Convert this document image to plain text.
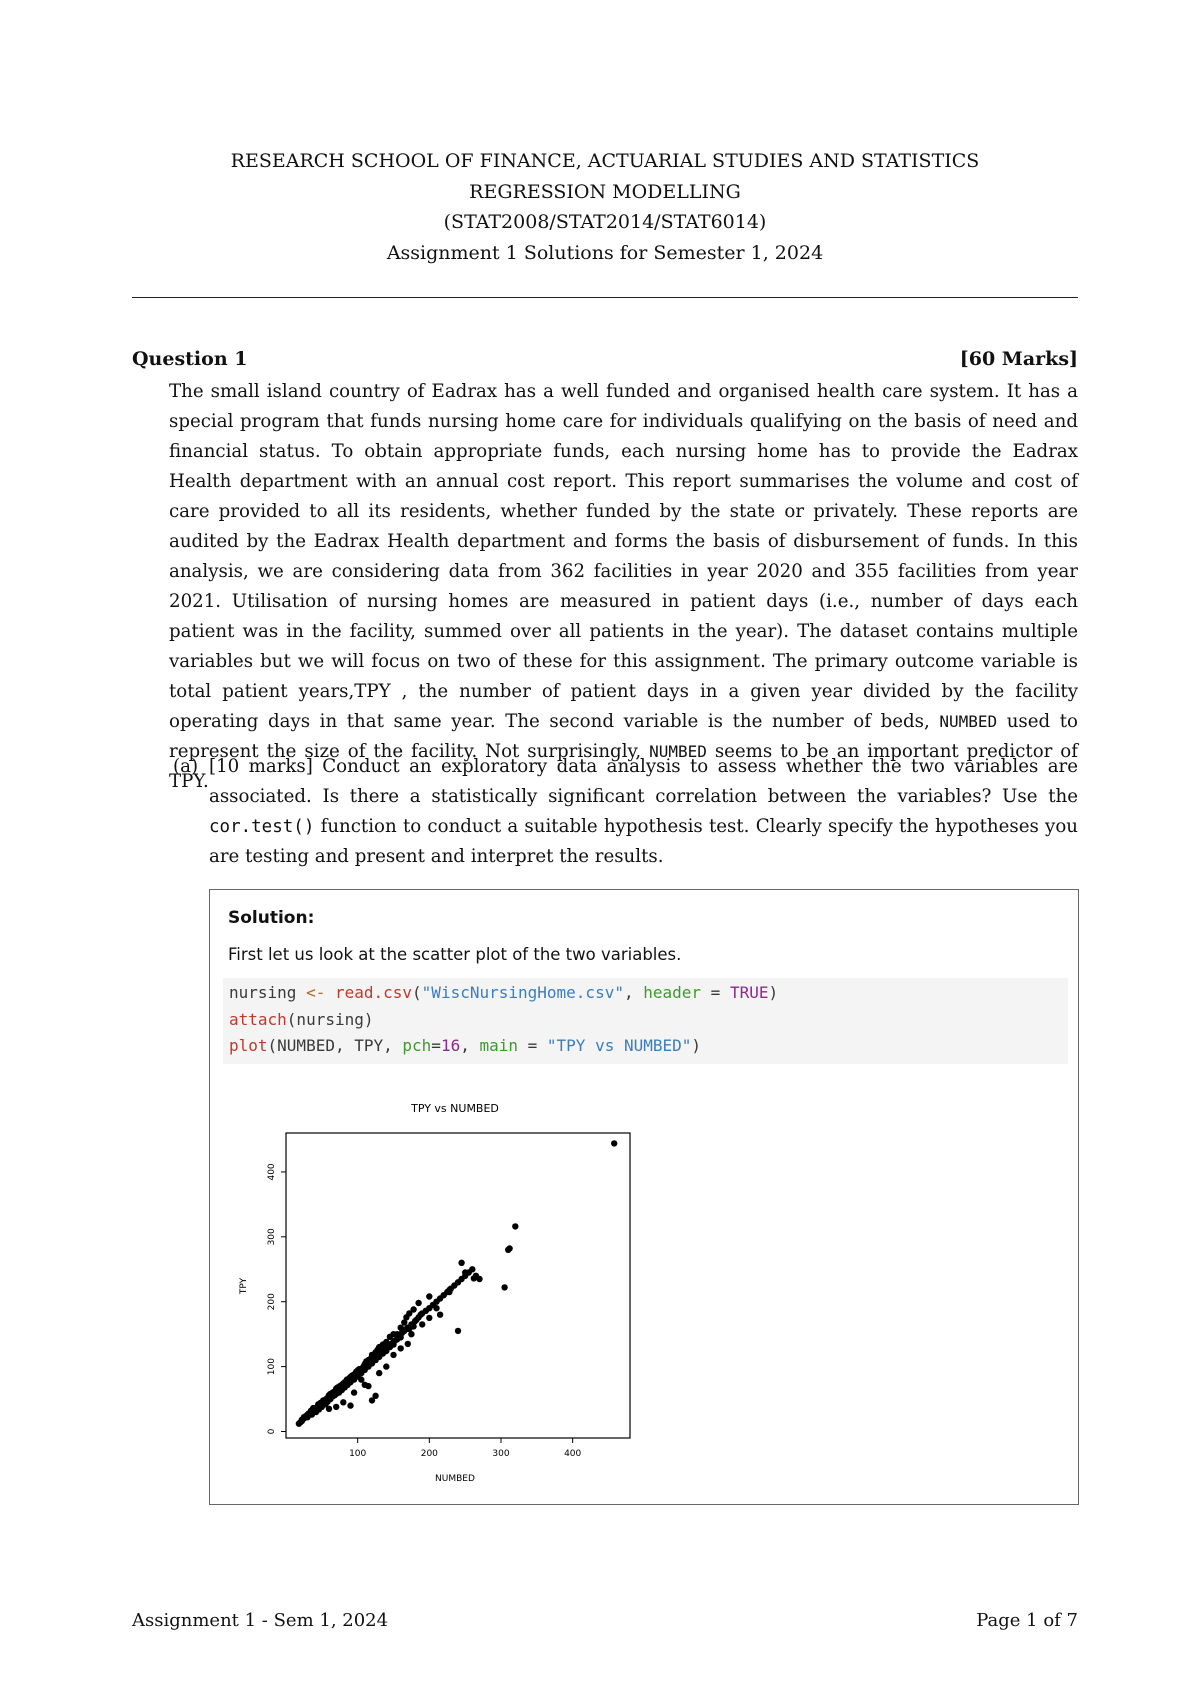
RESEARCH SCHOOL OF FINANCE, ACTUARIAL STUDIES AND STATISTICS
REGRESSION MODELLING
(STAT2008/STAT2014/STAT6014)
Assignment 1 Solutions for Semester 1, 2024
Question 1	[60 Marks]

The small island country of Eadrax has a well funded and organised health care system. It has a special program that funds nursing home care for individuals qualifying on the basis of need and financial status. To obtain appropriate funds, each nursing home has to provide the Eadrax Health department with an annual cost report. This report summarises the volume and cost of care provided to all its residents, whether funded by the state or privately. These reports are audited by the Eadrax Health department and forms the basis of disbursement of funds. In this analysis, we are considering data from 362 facilities in year 2020 and 355 facilities from year 2021. Utilisation of nursing homes are measured in patient days (i.e., number of days each patient was in the facility, summed over all patients in the year). The dataset contains multiple variables but we will focus on two of these for this assignment. The primary outcome variable is total patient years,TPY , the number of patient days in a given year divided by the facility operating days in that same year. The second variable is the number of beds, NUMBED used to represent the size of the facility. Not surprisingly, NUMBED seems to be an important predictor of TPY.

(a) [10 marks] Conduct an exploratory data analysis to assess whether the two variables are associated. Is there a statistically significant correlation between the variables? Use the cor.test() function to conduct a suitable hypothesis test. Clearly specify the hypotheses you are testing and present and interpret the results.
Solution:
First let us look at the scatter plot of the two variables.
nursing <- read.csv("WiscNursingHome.csv", header = TRUE)
attach(nursing)
plot(NUMBED, TPY, pch=16, main = "TPY vs NUMBED")
TPY vs NUMBED
100	200	300	400
0
100
200
300
400
NUMBED
TPY
Assignment 1 - Sem 1, 2024	Page 1 of 7
